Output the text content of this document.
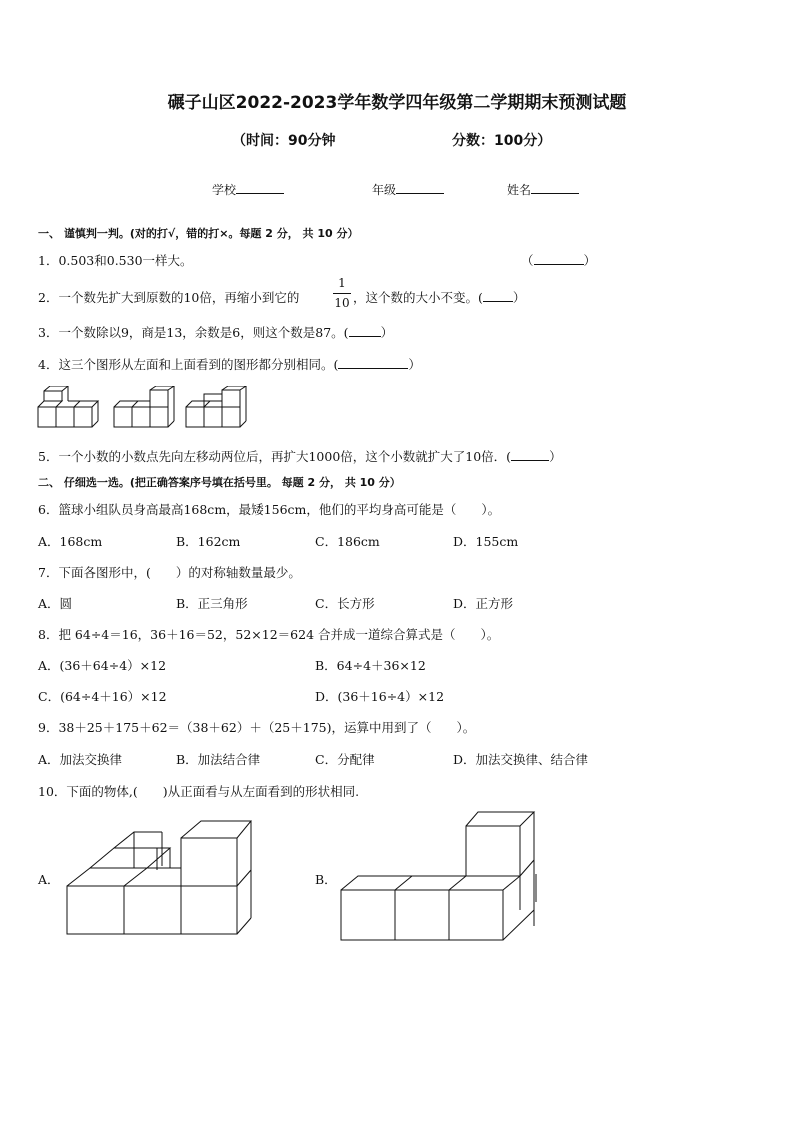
碾子山区2022-2023学年数学四年级第二学期期末预测试题
（时间：90分钟	分数：100分）
学校	年级	姓名
一、 谨慎判一判。(对的打√，错的打×。每题 2 分， 共 10 分）
1．0.503和0.530一样大。	（	）
2．一个数先扩大到原数的10倍，再缩小到它的
1
10 ，这个数的大小不变。( ）
3．一个数除以9，商是13，余数是6，则这个数是87。(	）
4．这三个图形从左面和上面看到的图形都分别相同。(	）
5．一个小数的小数点先向左移动两位后，再扩大1000倍，这个小数就扩大了10倍．(	）
二、 仔细选一选。(把正确答案序号填在括号里。 每题 2 分， 共 10 分）
6．篮球小组队员身高最高168cm，最矮156cm，他们的平均身高可能是（　　）。
A．168cm	B．162cm	C．186cm	D．155cm
7．下面各图形中，(　　）的对称轴数量最少。
A．圆	B．正三角形	C．长方形	D．正方形
8．把 64÷4＝16，36＋16＝52，52×12＝624 合并成一道综合算式是（　　）。
A．(36＋64÷4）×12	B．64÷4＋36×12
C．(64÷4＋16）×12	D．(36＋16÷4）×12
9．38＋25＋175＋62＝（38＋62）＋（25＋175)，运算中用到了（　　）。
A．加法交换律	B．加法结合律	C．分配律	D．加法交换律、结合律
10．下面的物体,(　　)从正面看与从左面看到的形状相同.
A．	B．
